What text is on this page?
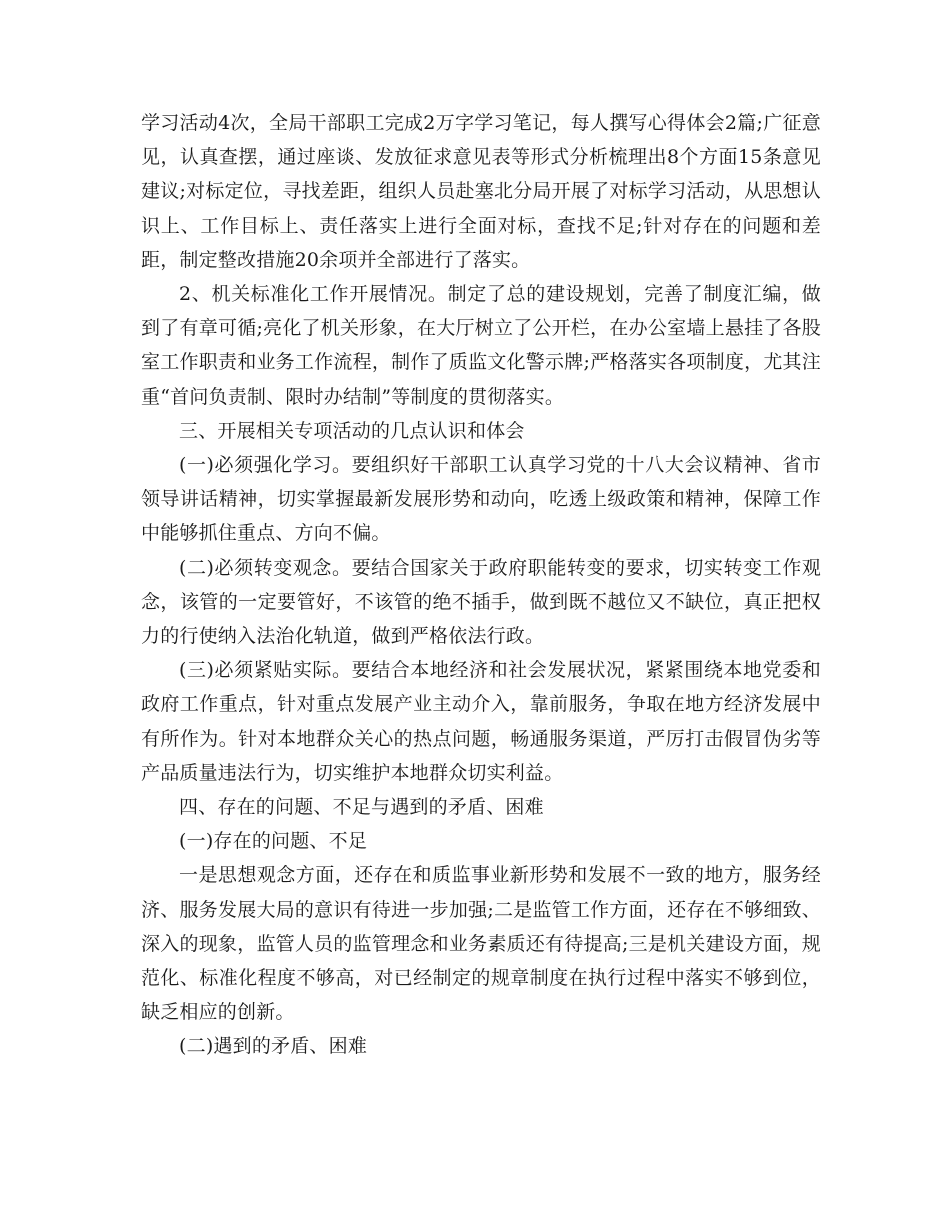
学习活动4次，全局干部职工完成2万字学习笔记，每人撰写心得体会2篇;广征意见，认真查摆，通过座谈、发放征求意见表等形式分析梳理出8个方面15条意见建议;对标定位，寻找差距，组织人员赴塞北分局开展了对标学习活动，从思想认识上、工作目标上、责任落实上进行全面对标，查找不足;针对存在的问题和差距，制定整改措施20余项并全部进行了落实。

2、机关标准化工作开展情况。制定了总的建设规划，完善了制度汇编，做到了有章可循;亮化了机关形象，在大厅树立了公开栏，在办公室墙上悬挂了各股室工作职责和业务工作流程，制作了质监文化警示牌;严格落实各项制度，尤其注重“首问负责制、限时办结制”等制度的贯彻落实。

三、开展相关专项活动的几点认识和体会

(一)必须强化学习。要组织好干部职工认真学习党的十八大会议精神、省市领导讲话精神，切实掌握最新发展形势和动向，吃透上级政策和精神，保障工作中能够抓住重点、方向不偏。

(二)必须转变观念。要结合国家关于政府职能转变的要求，切实转变工作观念，该管的一定要管好，不该管的绝不插手，做到既不越位又不缺位，真正把权力的行使纳入法治化轨道，做到严格依法行政。

(三)必须紧贴实际。要结合本地经济和社会发展状况，紧紧围绕本地党委和政府工作重点，针对重点发展产业主动介入，靠前服务，争取在地方经济发展中有所作为。针对本地群众关心的热点问题，畅通服务渠道，严厉打击假冒伪劣等产品质量违法行为，切实维护本地群众切实利益。

四、存在的问题、不足与遇到的矛盾、困难

(一)存在的问题、不足

一是思想观念方面，还存在和质监事业新形势和发展不一致的地方，服务经济、服务发展大局的意识有待进一步加强;二是监管工作方面，还存在不够细致、深入的现象，监管人员的监管理念和业务素质还有待提高;三是机关建设方面，规范化、标准化程度不够高，对已经制定的规章制度在执行过程中落实不够到位，缺乏相应的创新。

(二)遇到的矛盾、困难
